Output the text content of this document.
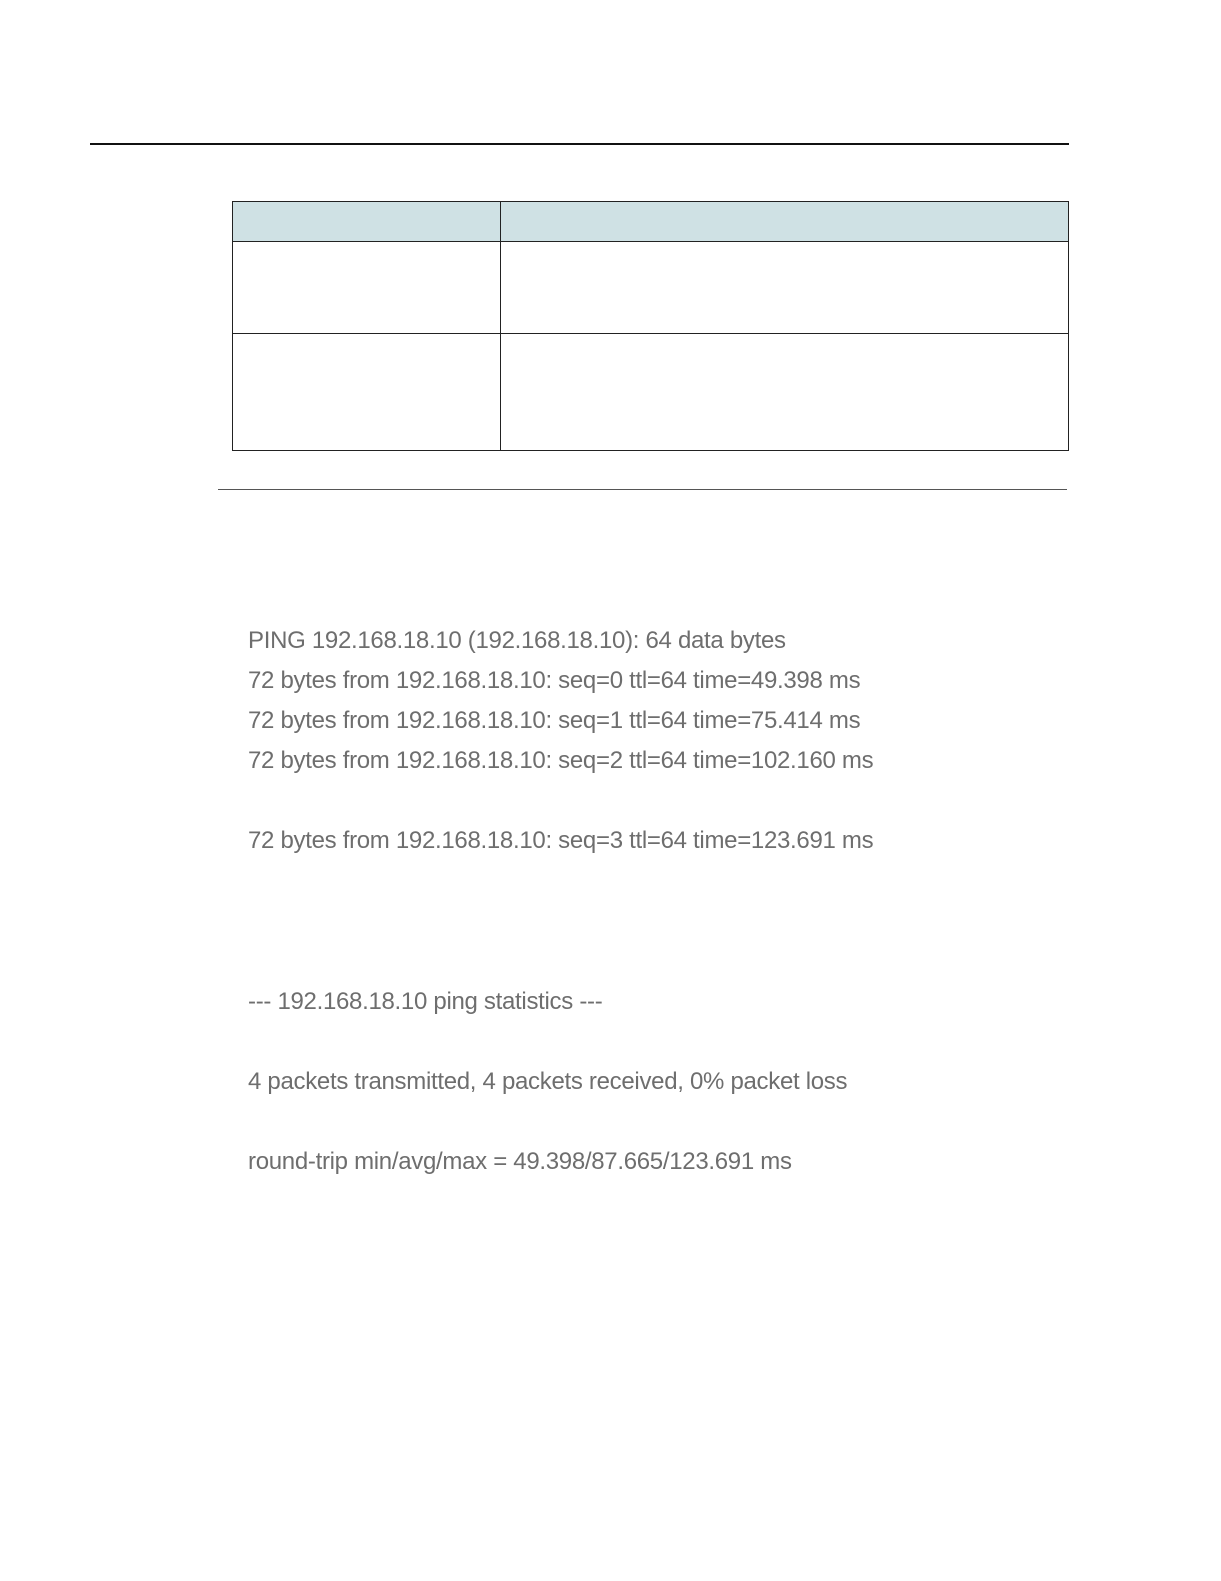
PING 192.168.18.10 (192.168.18.10): 64 data bytes

72 bytes from 192.168.18.10: seq=0 ttl=64 time=49.398 ms

72 bytes from 192.168.18.10: seq=1 ttl=64 time=75.414 ms

72 bytes from 192.168.18.10: seq=2 ttl=64 time=102.160 ms

72 bytes from 192.168.18.10: seq=3 ttl=64 time=123.691 ms

--- 192.168.18.10 ping statistics ---

4 packets transmitted, 4 packets received, 0% packet loss

round-trip min/avg/max = 49.398/87.665/123.691 ms
